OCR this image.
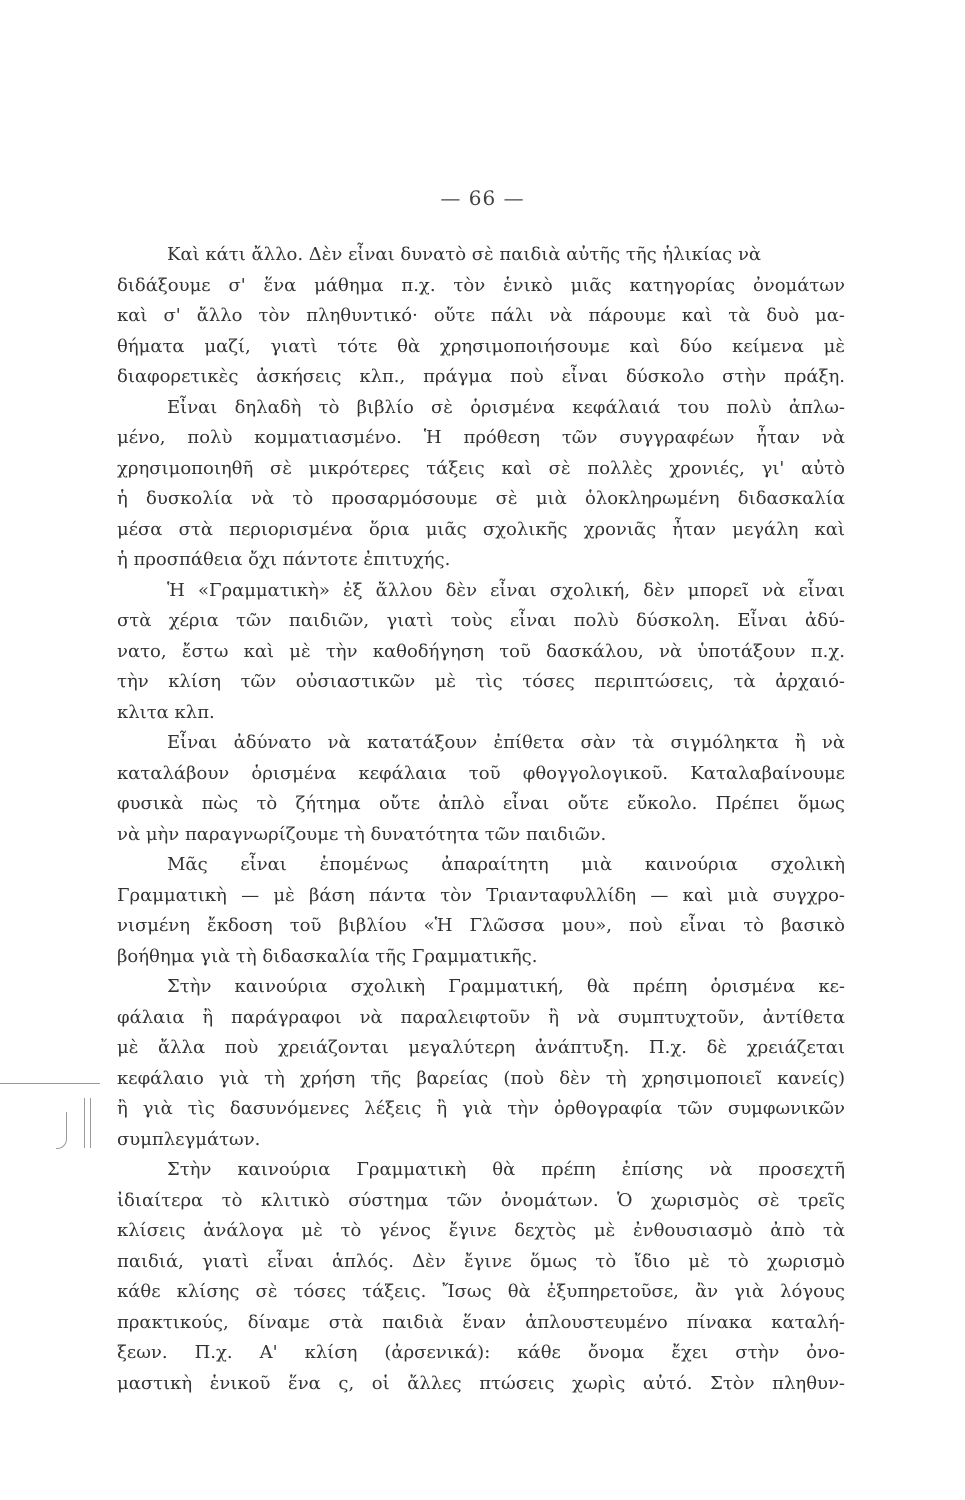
— 66 —
Καὶ κάτι ἄλλο. Δὲν εἶναι δυνατὸ σὲ παιδιὰ αὐτῆς τῆς ἡλικίας νὰ
διδάξουμε σ' ἕνα μάθημα π.χ. τὸν ἑνικὸ μιᾶς κατηγορίας ὀνομάτων
καὶ σ' ἄλλο τὸν πληθυντικό· οὔτε πάλι νὰ πάρουμε καὶ τὰ δυὸ μα-
θήματα μαζί, γιατὶ τότε θὰ χρησιμοποιήσουμε καὶ δύο κείμενα μὲ
διαφορετικὲς ἀσκήσεις κλπ., πράγμα ποὺ εἶναι δύσκολο στὴν πράξη.
Εἶναι δηλαδὴ τὸ βιβλίο σὲ ὁρισμένα κεφάλαιά του πολὺ ἀπλω-
μένο, πολὺ κομματιασμένο. Ἡ πρόθεση τῶν συγγραφέων ἦταν νὰ
χρησιμοποιηθῆ σὲ μικρότερες τάξεις καὶ σὲ πολλὲς χρονιές, γι' αὐτὸ
ἡ δυσκολία νὰ τὸ προσαρμόσουμε σὲ μιὰ ὁλοκληρωμένη διδασκαλία
μέσα στὰ περιορισμένα ὅρια μιᾶς σχολικῆς χρονιᾶς ἦταν μεγάλη καὶ
ἡ προσπάθεια ὄχι πάντοτε ἐπιτυχής.
Ἡ «Γραμματικὴ» ἐξ ἄλλου δὲν εἶναι σχολική, δὲν μπορεῖ νὰ εἶναι
στὰ χέρια τῶν παιδιῶν, γιατὶ τοὺς εἶναι πολὺ δύσκολη. Εἶναι ἀδύ-
νατο, ἔστω καὶ μὲ τὴν καθοδήγηση τοῦ δασκάλου, νὰ ὑποτάξουν π.χ.
τὴν κλίση τῶν οὐσιαστικῶν μὲ τὶς τόσες περιπτώσεις, τὰ ἀρχαιό-
κλιτα κλπ.
Εἶναι ἀδύνατο νὰ κατατάξουν ἐπίθετα σὰν τὰ σιγμόληκτα ἢ νὰ
καταλάβουν ὁρισμένα κεφάλαια τοῦ φθογγολογικοῦ. Καταλαβαίνουμε
φυσικὰ πὼς τὸ ζήτημα οὔτε ἀπλὸ εἶναι οὔτε εὔκολο. Πρέπει ὅμως
νὰ μὴν παραγνωρίζουμε τὴ δυνατότητα τῶν παιδιῶν.
Μᾶς εἶναι ἑπομένως ἀπαραίτητη μιὰ καινούρια σχολικὴ
Γραμματικὴ — μὲ βάση πάντα τὸν Τριανταφυλλίδη — καὶ μιὰ συγχρο-
νισμένη ἔκδοση τοῦ βιβλίου «Ἡ Γλῶσσα μου», ποὺ εἶναι τὸ βασικὸ
βοήθημα γιὰ τὴ διδασκαλία τῆς Γραμματικῆς.
Στὴν καινούρια σχολικὴ Γραμματική, θὰ πρέπη ὁρισμένα κε-
φάλαια ἢ παράγραφοι νὰ παραλειφτοῦν ἢ νὰ συμπτυχτοῦν, ἀντίθετα
μὲ ἄλλα ποὺ χρειάζονται μεγαλύτερη ἀνάπτυξη. Π.χ. δὲ χρειάζεται
κεφάλαιο γιὰ τὴ χρήση τῆς βαρείας (ποὺ δὲν τὴ χρησιμοποιεῖ κανείς)
ἢ γιὰ τὶς δασυνόμενες λέξεις ἢ γιὰ τὴν ὀρθογραφία τῶν συμφωνικῶν
συμπλεγμάτων.
Στὴν καινούρια Γραμματικὴ θὰ πρέπη ἐπίσης νὰ προσεχτῆ
ἰδιαίτερα τὸ κλιτικὸ σύστημα τῶν ὀνομάτων. Ὁ χωρισμὸς σὲ τρεῖς
κλίσεις ἀνάλογα μὲ τὸ γένος ἔγινε δεχτὸς μὲ ἐνθουσιασμὸ ἀπὸ τὰ
παιδιά, γιατὶ εἶναι ἁπλός. Δὲν ἔγινε ὅμως τὸ ἴδιο μὲ τὸ χωρισμὸ
κάθε κλίσης σὲ τόσες τάξεις. Ἴσως θὰ ἐξυπηρετοῦσε, ἂν γιὰ λόγους
πρακτικούς, δίναμε στὰ παιδιὰ ἕναν ἁπλουστευμένο πίνακα καταλή-
ξεων. Π.χ. Α' κλίση (ἀρσενικά): κάθε ὄνομα ἔχει στὴν ὀνο-
μαστικὴ ἑνικοῦ ἕνα ς, οἱ ἄλλες πτώσεις χωρὶς αὐτό. Στὸν πληθυν-
